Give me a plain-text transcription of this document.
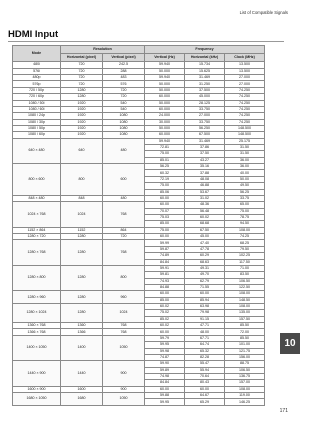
List of Compatible Signals
HDMI Input
Mode	Resolution		Frequency		
	Horizontal (pixel)	Vertical (pixel)	Vertical (Hz)	Horizontal (kHz)	Clock (MHz)
480i	720	242.5	59.940	15.734	13.500
576i	720	288	50.000	15.625	13.500
480p	720	483	59.940	31.469	27.000
576p	720	576	50.000	31.250	27.000
720 / 50p	1280	720	50.000	37.500	74.250
720 / 60p	1280	720	60.000	45.000	74.250
1080 / 50i	1920	540	50.000	28.125	74.250
1080 / 60i	1920	540	60.000	33.750	74.250
1080 / 24p	1920	1080	24.000	27.000	74.250
1080 / 30p	1920	1080	30.000	33.750	74.250
1080 / 50p	1920	1080	50.000	56.250	148.500
1080 / 60p	1920	1080	60.000	67.500	148.500
640 × 480	640	480	59.940	31.469	25.175
			72.81	37.86	31.50
			75.00	37.50	31.50
			85.01	43.27	36.00
800 × 600	800	600	56.25	35.16	36.00
			60.32	37.88	40.00
			72.19	48.08	50.00
			75.00	46.88	49.50
			85.06	53.67	56.25
848 × 480	848	480	60.00	31.02	33.75
1024 × 768	1024	768	60.00	48.36	65.00
			70.07	56.48	75.00
			75.03	60.02	78.75
			85.00	68.68	94.50
1152 × 864	1152	864	75.00	67.50	108.00
1280 × 720	1280	720	60.00	45.00	74.25
1280 × 768	1280	768	59.99	47.40	68.25
			59.87	47.78	79.50
			74.89	60.29	102.25
			84.84	68.63	117.50
1280 × 800	1280	800	59.91	49.31	71.00
			59.81	49.70	83.50
			74.93	62.79	106.50
			84.88	71.55	122.50
1280 × 960	1280	960	60.00	60.00	108.00
			85.00	85.94	148.50
1280 × 1024	1280	1024	60.02	63.98	108.00
			75.02	79.98	135.00
			85.02	91.15	157.50
1360 × 768	1360	768	60.02	47.71	85.50
1366 × 768	1366	768	60.00	48.00	72.00
1400 × 1050	1400	1050	59.79	67.71	85.50
			59.95	64.74	101.00
			59.98	65.32	121.75
			74.87	82.28	156.00
1440 × 900	1440	900	59.90	55.47	88.75
			59.89	55.94	106.50
			74.98	70.64	136.75
			84.84	80.43	157.00
1600 × 900	1600	900	60.00	60.00	108.00
1680 × 1050	1680	1050	59.88	64.67	119.00
			59.95	65.29	146.25
10
171
